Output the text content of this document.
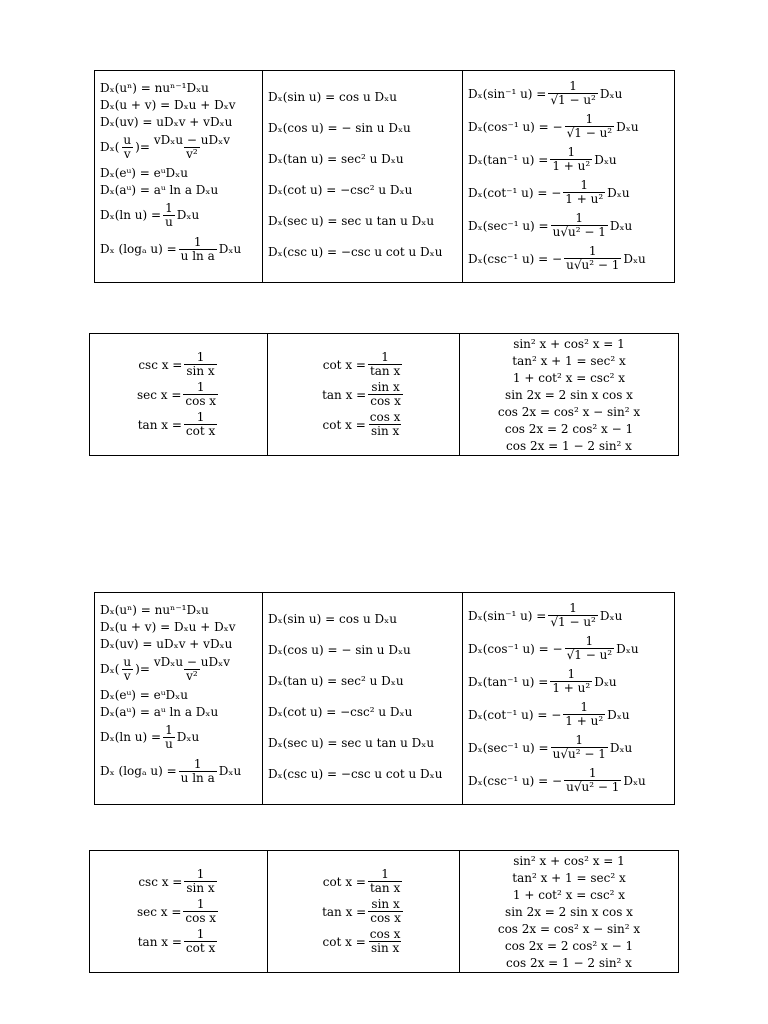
Dₓ(uⁿ) = nuⁿ⁻¹Dₓu
Dₓ(u + v) = Dₓu + Dₓv
Dₓ(uv) = uDₓv + vDₓu
Dₓ ( $\frac{u}{v}$ ) = $\frac{\text{vDₓu − uDₓv}}{\text{v²}}$
Dₓ(eᵘ) = eᵘDₓu
Dₓ(aᵘ) = aᵘ ln a Dₓu
Dₓ(ln $u) = \frac{1}{u}$ Dₓu
Dₓ (logₐ $u) = \frac{1}{\text{u ln a}}$ Dₓu
Dₓ(sin u) = cos u Dₓu
Dₓ(cos u) = − sin u Dₓu
Dₓ(tan u) = sec² u Dₓu
Dₓ(cot u) = −csc² u Dₓu
Dₓ(sec u) = sec u tan u Dₓu
Dₓ(csc u) = −csc u cot u Dₓu
Dₓ(sin⁻¹ $u) = \frac{1}{\text{√1 − u²}}$ Dₓu
Dₓ(cos⁻¹ u) = − $\frac{1}{\text{√1 − u²}}$ Dₓu
Dₓ(tan⁻¹ $u) = \frac{1}{\text{1 + u²}}$ Dₓu
Dₓ(cot⁻¹ u) = − $\frac{1}{\text{1 + u²}}$ Dₓu
Dₓ(sec⁻¹ $u) = \frac{1}{\text{u√u² − 1}}$ Dₓu
Dₓ(csc⁻¹ u) = − $\frac{1}{\text{u√u² − 1}}$ Dₓu
$\csc x = \frac{1}{\text{sin x}}$
$\sec x = \frac{1}{\text{cos x}}$
$\tan x = \frac{1}{\text{cot x}}$
$\cot x = \frac{1}{\text{tan x}}$
$\tan x = \frac{\text{sin x}}{\text{cos x}}$
$\cot x = \frac{\text{cos x}}{\text{sin x}}$
sin² x + cos² x = 1
tan² x + 1 = sec² x
1 + cot² x = csc² x
sin 2x = 2 sin x cos x
cos 2x = cos² x − sin² x
cos 2x = 2 cos² x − 1
cos 2x = 1 − 2 sin² x
Dₓ(uⁿ) = nuⁿ⁻¹Dₓu
Dₓ(u + v) = Dₓu + Dₓv
Dₓ(uv) = uDₓv + vDₓu
Dₓ ( $\frac{u}{v}$ ) = $\frac{\text{vDₓu − uDₓv}}{\text{v²}}$
Dₓ(eᵘ) = eᵘDₓu
Dₓ(aᵘ) = aᵘ ln a Dₓu
Dₓ(ln $u) = \frac{1}{u}$ Dₓu
Dₓ (logₐ $u) = \frac{1}{\text{u ln a}}$ Dₓu
Dₓ(sin u) = cos u Dₓu
Dₓ(cos u) = − sin u Dₓu
Dₓ(tan u) = sec² u Dₓu
Dₓ(cot u) = −csc² u Dₓu
Dₓ(sec u) = sec u tan u Dₓu
Dₓ(csc u) = −csc u cot u Dₓu
Dₓ(sin⁻¹ $u) = \frac{1}{\text{√1 − u²}}$ Dₓu
Dₓ(cos⁻¹ u) = − $\frac{1}{\text{√1 − u²}}$ Dₓu
Dₓ(tan⁻¹ $u) = \frac{1}{\text{1 + u²}}$ Dₓu
Dₓ(cot⁻¹ u) = − $\frac{1}{\text{1 + u²}}$ Dₓu
Dₓ(sec⁻¹ $u) = \frac{1}{\text{u√u² − 1}}$ Dₓu
Dₓ(csc⁻¹ u) = − $\frac{1}{\text{u√u² − 1}}$ Dₓu
$\csc x = \frac{1}{\text{sin x}}$
$\sec x = \frac{1}{\text{cos x}}$
$\tan x = \frac{1}{\text{cot x}}$
$\cot x = \frac{1}{\text{tan x}}$
$\tan x = \frac{\text{sin x}}{\text{cos x}}$
$\cot x = \frac{\text{cos x}}{\text{sin x}}$
sin² x + cos² x = 1
tan² x + 1 = sec² x
1 + cot² x = csc² x
sin 2x = 2 sin x cos x
cos 2x = cos² x − sin² x
cos 2x = 2 cos² x − 1
cos 2x = 1 − 2 sin² x
